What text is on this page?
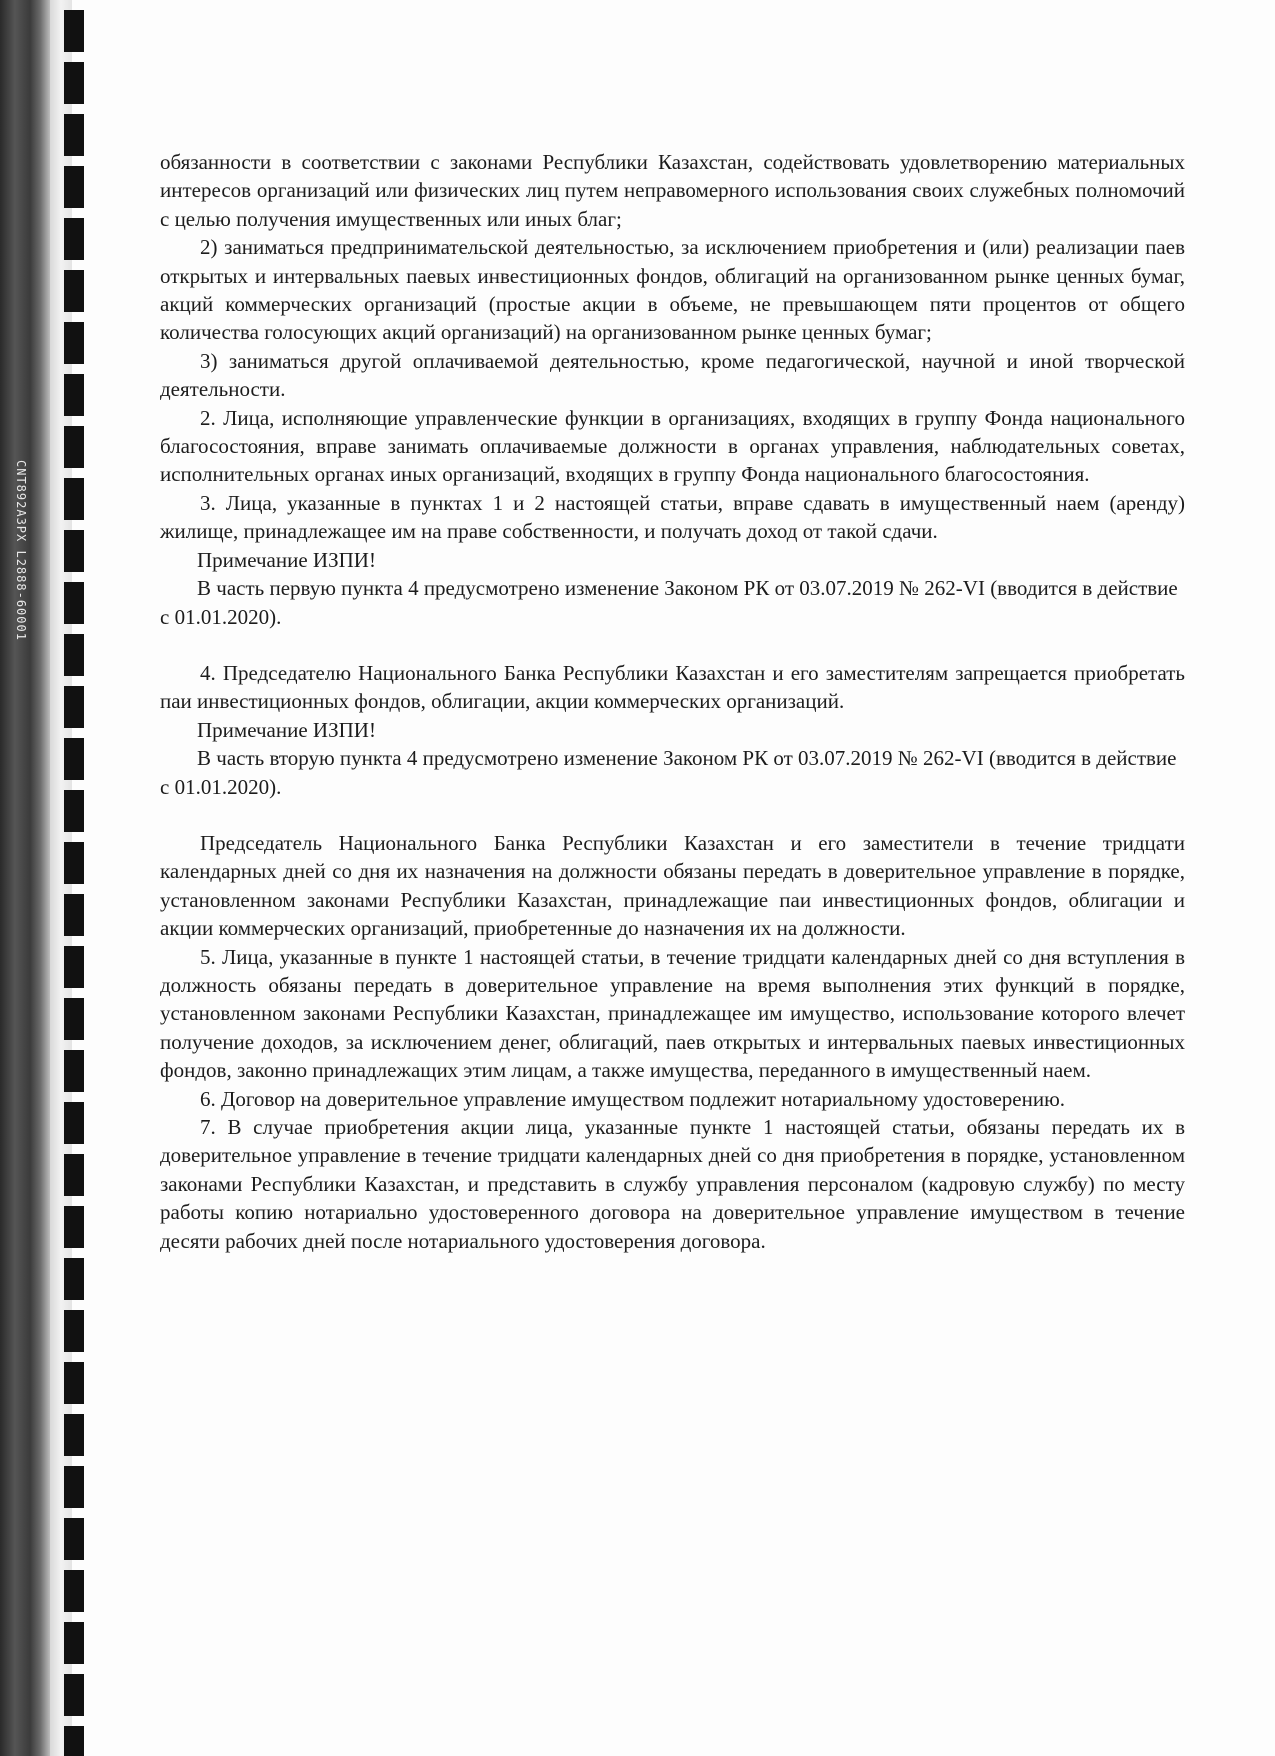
CNT892A3PX L2888-60001

обязанности в соответствии с законами Республики Казахстан, содействовать удовлетворению материальных интересов организаций или физических лиц путем неправомерного использования своих служебных полномочий с целью получения имущественных или иных благ;

2) заниматься предпринимательской деятельностью, за исключением приобретения и (или) реализации паев открытых и интервальных паевых инвестиционных фондов, облигаций на организованном рынке ценных бумаг, акций коммерческих организаций (простые акции в объеме, не превышающем пяти процентов от общего количества голосующих акций организаций) на организованном рынке ценных бумаг;

3) заниматься другой оплачиваемой деятельностью, кроме педагогической, научной и иной творческой деятельности.

2. Лица, исполняющие управленческие функции в организациях, входящих в группу Фонда национального благосостояния, вправе занимать оплачиваемые должности в органах управления, наблюдательных советах, исполнительных органах иных организаций, входящих в группу Фонда национального благосостояния.

3. Лица, указанные в пунктах 1 и 2 настоящей статьи, вправе сдавать в имущественный наем (аренду) жилище, принадлежащее им на праве собственности, и получать доход от такой сдачи.

Примечание ИЗПИ!

В часть первую пункта 4 предусмотрено изменение Законом РК от 03.07.2019 № 262-VI (вводится в действие с 01.01.2020).

4. Председателю Национального Банка Республики Казахстан и его заместителям запрещается приобретать паи инвестиционных фондов, облигации, акции коммерческих организаций.

Примечание ИЗПИ!

В часть вторую пункта 4 предусмотрено изменение Законом РК от 03.07.2019 № 262-VI (вводится в действие с 01.01.2020).

Председатель Национального Банка Республики Казахстан и его заместители в течение тридцати календарных дней со дня их назначения на должности обязаны передать в доверительное управление в порядке, установленном законами Республики Казахстан, принадлежащие паи инвестиционных фондов, облигации и акции коммерческих организаций, приобретенные до назначения их на должности.

5. Лица, указанные в пункте 1 настоящей статьи, в течение тридцати календарных дней со дня вступления в должность обязаны передать в доверительное управление на время выполнения этих функций в порядке, установленном законами Республики Казахстан, принадлежащее им имущество, использование которого влечет получение доходов, за исключением денег, облигаций, паев открытых и интервальных паевых инвестиционных фондов, законно принадлежащих этим лицам, а также имущества, переданного в имущественный наем.

6. Договор на доверительное управление имуществом подлежит нотариальному удостоверению.

7. В случае приобретения акции лица, указанные пункте 1 настоящей статьи, обязаны передать их в доверительное управление в течение тридцати календарных дней со дня приобретения в порядке, установленном законами Республики Казахстан, и представить в службу управления персоналом (кадровую службу) по месту работы копию нотариально удостоверенного договора на доверительное управление имуществом в течение десяти рабочих дней после нотариального удостоверения договора.
